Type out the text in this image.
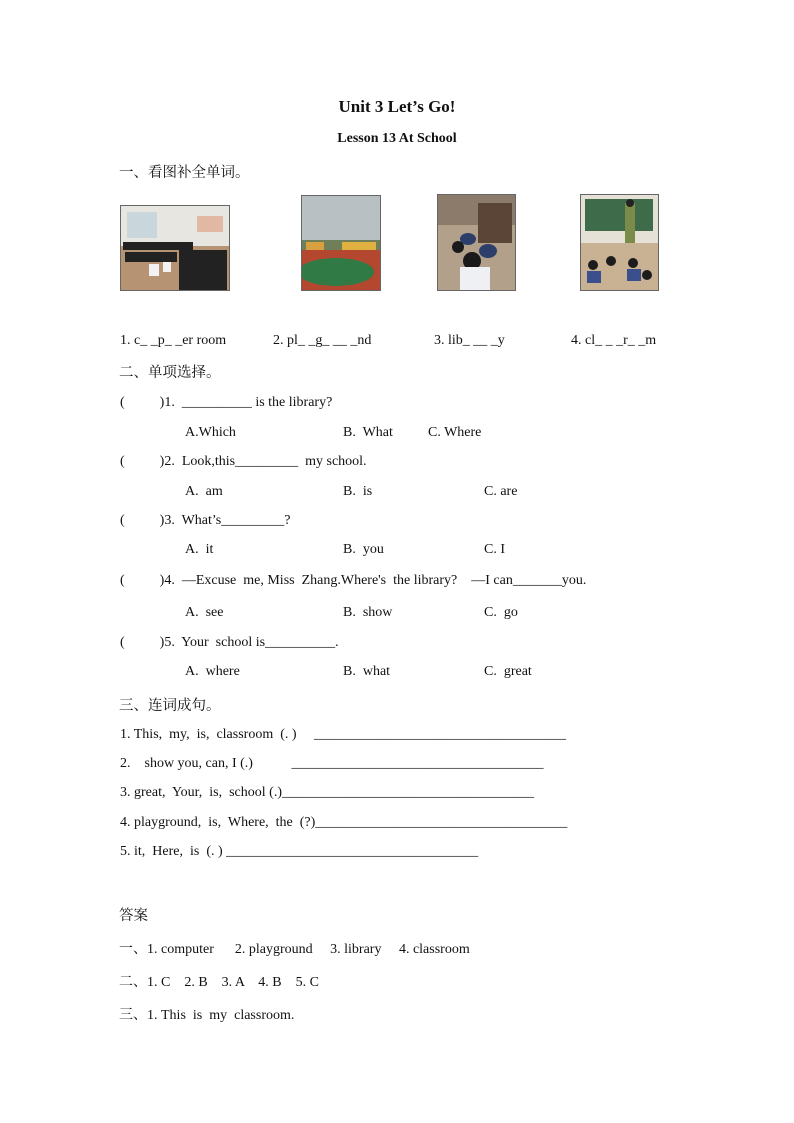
Unit 3 Let’s Go!
Lesson 13 At School
一、看图补全单词。
1. c_ _p_ _er room	2. pl_ _g_ __ _nd	3. lib_ __ _y	4. cl_ _ _r_ _m
二、单项选择。
(          )1.  __________ is the library?
A.Which	B.  What	C. Where
(          )2.  Look,this_________  my school.
A.  am	B.  is	C. are
(          )3.  What’s_________?
A.  it	B.  you	C. I
(          )4.  —Excuse  me, Miss  Zhang.Where's  the library?    —I can_______you.
A.  see	B.  show	C.  go
(          )5.  Your  school is__________.
A.  where	B.  what	C.  great
三、连词成句。
1. This,  my,  is,  classroom  (. )     ____________________________________
2.    show you, can, I (.)           ____________________________________
3. great,  Your,  is,  school (.)____________________________________
4. playground,  is,  Where,  the  (?)____________________________________
5. it,  Here,  is  (. ) ____________________________________
答案
一、1. computer      2. playground     3. library     4. classroom
二、1. C    2. B    3. A    4. B    5. C
三、1. This  is  my  classroom.
